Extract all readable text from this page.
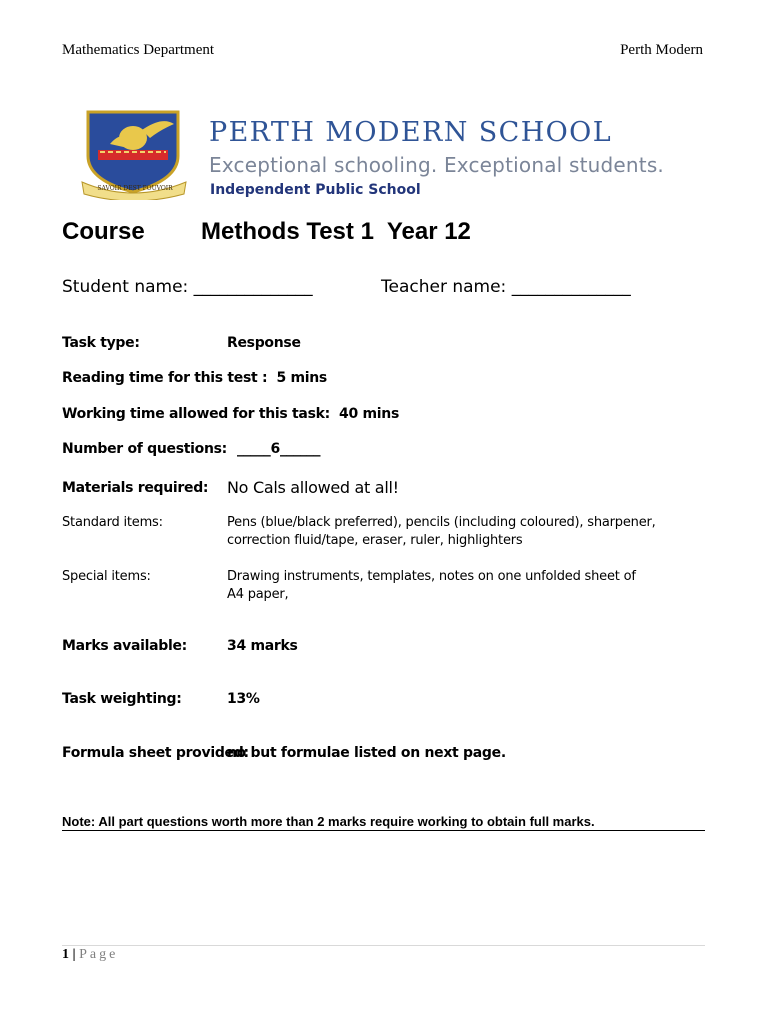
Mathematics Department	Perth Modern
SAVOIR DEST POUVOIR
PERTH MODERN SCHOOL
Exceptional schooling. Exceptional students.
Independent Public School
Course Methods Test 1  Year 12
Student name: ______________	Teacher name: ______________
Task type:	Response
Reading time for this test :  5 mins
Working time allowed for this task:  40 mins
Number of questions: _____6______
Materials required: No Cals allowed at all!
Standard items:	Pens (blue/black preferred), pencils (including coloured), sharpener,
correction fluid/tape, eraser, ruler, highlighters
Special items:	Drawing instruments, templates, notes on one unfolded sheet of
A4 paper,
Marks available:	34 marks
Task weighting:	13%
Formula sheet provided:
no but formulae listed on next page.
Note: All part questions worth more than 2 marks require working to obtain full marks.
1 | Page
